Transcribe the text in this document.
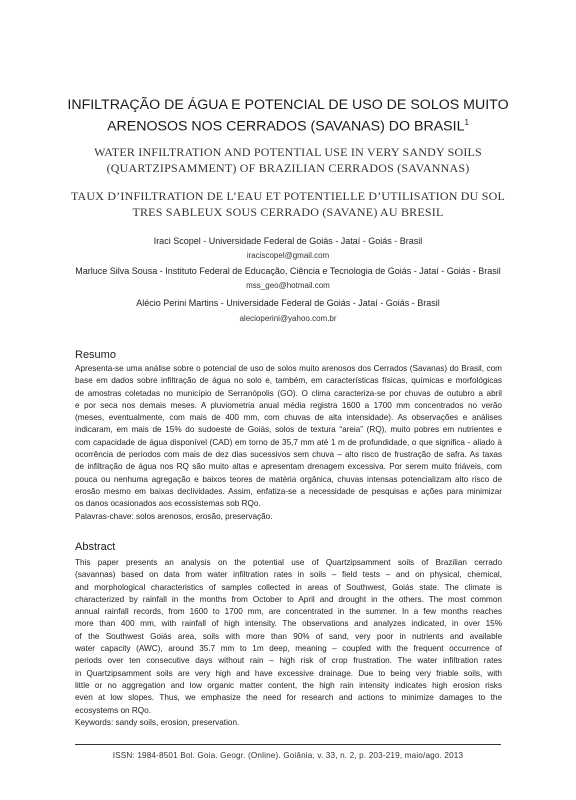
INFILTRAÇÃO DE ÁGUA E POTENCIAL DE USO DE SOLOS MUITO
ARENOSOS NOS CERRADOS (SAVANAS) DO BRASIL$^1$
WATER INFILTRATION AND POTENTIAL USE IN VERY SANDY SOILS
(QUARTZIPSAMMENT) OF BRAZILIAN CERRADOS (SAVANNAS)
TAUX D’INFILTRATION DE L’EAU ET POTENTIELLE D’UTILISATION DU SOL
TRES SABLEUX SOUS CERRADO (SAVANE) AU BRESIL
Iraci Scopel - Universidade Federal de Goiás - Jataí - Goiás - Brasil
iraciscopel@gmail.com
Marluce Silva Sousa - Instituto Federal de Educação, Ciência e Tecnologia de Goiás - Jataí - Goiás - Brasil
mss_geo@hotmail.com
Alécio Perini Martins - Universidade Federal de Goiás - Jataí - Goiás - Brasil
alecioperini@yahoo.com.br
Resumo
Apresenta-se uma análise sobre o potencial de uso de solos muito arenosos dos Cerrados (Savanas) do Brasil, com
base em dados sobre infiltração de água no solo e, também, em características físicas, químicas e morfológicas
de amostras coletadas no município de Serranópolis (GO). O clima caracteriza-se por chuvas de outubro a abril
e por seca nos demais meses. A pluviometria anual média registra 1600 a 1700 mm concentrados no verão
(meses, eventualmente, com mais de 400 mm, com chuvas de alta intensidade). As observações e análises
indicaram, em mais de 15% do sudoeste de Goiás, solos de textura “areia” (RQ), muito pobres em nutrientes e
com capacidade de água disponível (CAD) em torno de 35,7 mm até 1 m de profundidade, o que significa - aliado à
ocorrência de períodos com mais de dez dias sucessivos sem chuva – alto risco de frustração de safra. As taxas
de infiltração de água nos RQ são muito altas e apresentam drenagem excessiva. Por serem muito friáveis, com
pouca ou nenhuma agregação e baixos teores de matéria orgânica, chuvas intensas potencializam alto risco de
erosão mesmo em baixas declividades. Assim, enfatiza-se a necessidade de pesquisas e ações para minimizar
os danos ocasionados aos ecossistemas sob RQo.
Palavras-chave: solos arenosos, erosão, preservação.
Abstract
This paper presents an analysis on the potential use of Quartzipsamment soils of Brazilian cerrado
(savannas) based on data from water infiltration rates in soils – field tests – and on physical, chemical,
and morphological characteristics of samples collected in areas of Southwest, Goiás state. The climate is
characterized by rainfall in the months from October to April and drought in the others. The most common
annual rainfall records, from 1600 to 1700 mm, are concentrated in the summer. In a few months reaches
more than 400 mm, with rainfall of high intensity. The observations and analyzes indicated, in over 15%
of the Southwest Goiás area, soils with more than 90% of sand, very poor in nutrients and available
water capacity (AWC), around 35.7 mm to 1m deep, meaning – coupled with the frequent occurrence of
periods over ten consecutive days without rain – high risk of crop frustration. The water infiltration rates
in Quartzipsamment soils are very high and have excessive drainage. Due to being very friable soils, with
little or no aggregation and low organic matter content, the high rain intensity indicates high erosion risks
even at low slopes. Thus, we emphasize the need for research and actions to minimize damages to the
ecosystems on RQo.
Keywords: sandy soils, erosion, preservation.
ISSN: 1984-8501 Bol. Goia. Geogr. (Online). Goiânia, v. 33, n. 2, p. 203-219, maio/ago. 2013
